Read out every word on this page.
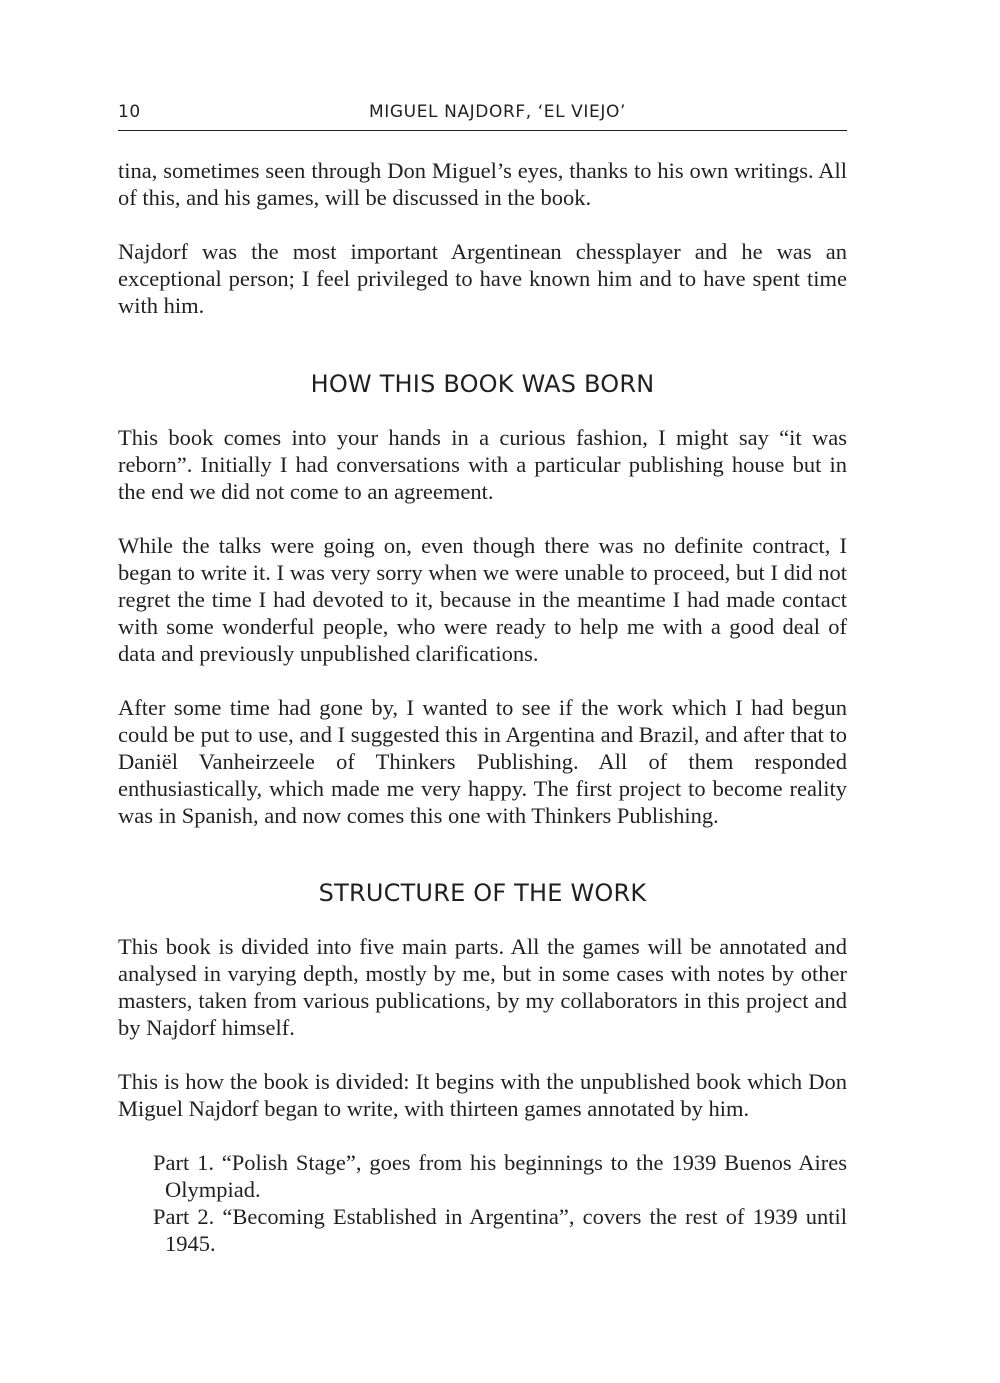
10	MIGUEL NAJDORF, ‘EL VIEJO’

tina, sometimes seen through Don Miguel’s eyes, thanks to his own writings. All of this, and his games, will be discussed in the book.

Najdorf was the most important Argentinean chessplayer and he was an exceptional person; I feel privileged to have known him and to have spent time with him.

HOW THIS BOOK WAS BORN

This book comes into your hands in a curious fashion, I might say “it was reborn”. Initially I had conversations with a particular publishing house but in the end we did not come to an agreement.

While the talks were going on, even though there was no definite contract, I began to write it. I was very sorry when we were unable to proceed, but I did not regret the time I had devoted to it, because in the meantime I had made contact with some wonderful people, who were ready to help me with a good deal of data and previously unpublished clarifications.

After some time had gone by, I wanted to see if the work which I had begun could be put to use, and I suggested this in Argentina and Brazil, and after that to Daniël Vanheirzeele of Thinkers Publishing. All of them responded enthusiastically, which made me very happy. The first project to become reality was in Spanish, and now comes this one with Thinkers Publishing.

STRUCTURE OF THE WORK

This book is divided into five main parts. All the games will be annotated and analysed in varying depth, mostly by me, but in some cases with notes by other masters, taken from various publications, by my collaborators in this project and by Najdorf himself.

This is how the book is divided: It begins with the unpublished book which Don Miguel Najdorf began to write, with thirteen games annotated by him.

Part 1. “Polish Stage”, goes from his beginnings to the 1939 Buenos Aires Olympiad.
Part 2. “Becoming Established in Argentina”, covers the rest of 1939 until 1945.
